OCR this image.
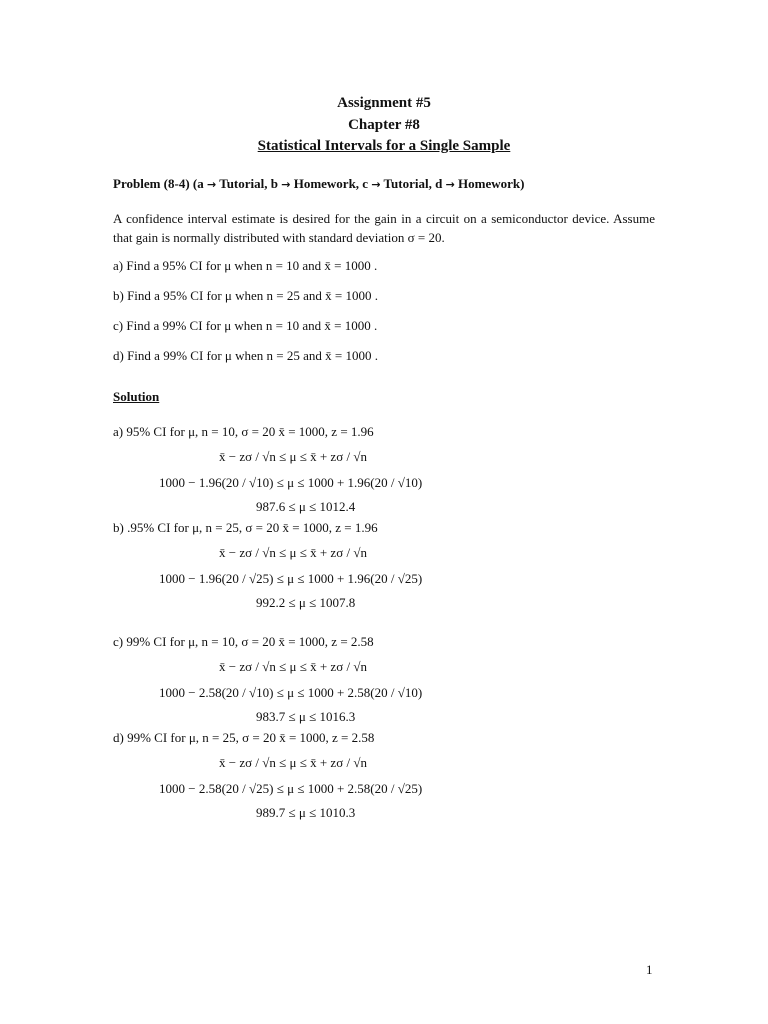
Assignment #5
Chapter #8
Statistical Intervals for a Single Sample
Problem (8-4) (a → Tutorial, b → Homework, c → Tutorial, d → Homework)
A confidence interval estimate is desired for the gain in a circuit on a semiconductor device. Assume that gain is normally distributed with standard deviation σ = 20.
a) Find a 95% CI for μ when n = 10 and x̄ = 1000 .
b) Find a 95% CI for μ when n = 25 and x̄ = 1000 .
c) Find a 99% CI for μ when n = 10 and x̄ = 1000 .
d) Find a 99% CI for μ when n = 25 and x̄ = 1000 .
Solution
a) 95% CI for μ, n = 10, σ = 20 x̄ = 1000, z = 1.96
x̄ − zσ / √n ≤ μ ≤ x̄ + zσ / √n
1000 − 1.96(20 / √10) ≤ μ ≤ 1000 + 1.96(20 / √10)
987.6 ≤ μ ≤ 1012.4
b) .95% CI for μ, n = 25, σ = 20 x̄ = 1000, z = 1.96
x̄ − zσ / √n ≤ μ ≤ x̄ + zσ / √n
1000 − 1.96(20 / √25) ≤ μ ≤ 1000 + 1.96(20 / √25)
992.2 ≤ μ ≤ 1007.8
c) 99% CI for μ, n = 10, σ = 20 x̄ = 1000, z = 2.58
x̄ − zσ / √n ≤ μ ≤ x̄ + zσ / √n
1000 − 2.58(20 / √10) ≤ μ ≤ 1000 + 2.58(20 / √10)
983.7 ≤ μ ≤ 1016.3
d) 99% CI for μ, n = 25, σ = 20 x̄ = 1000, z = 2.58
x̄ − zσ / √n ≤ μ ≤ x̄ + zσ / √n
1000 − 2.58(20 / √25) ≤ μ ≤ 1000 + 2.58(20 / √25)
989.7 ≤ μ ≤ 1010.3
1
